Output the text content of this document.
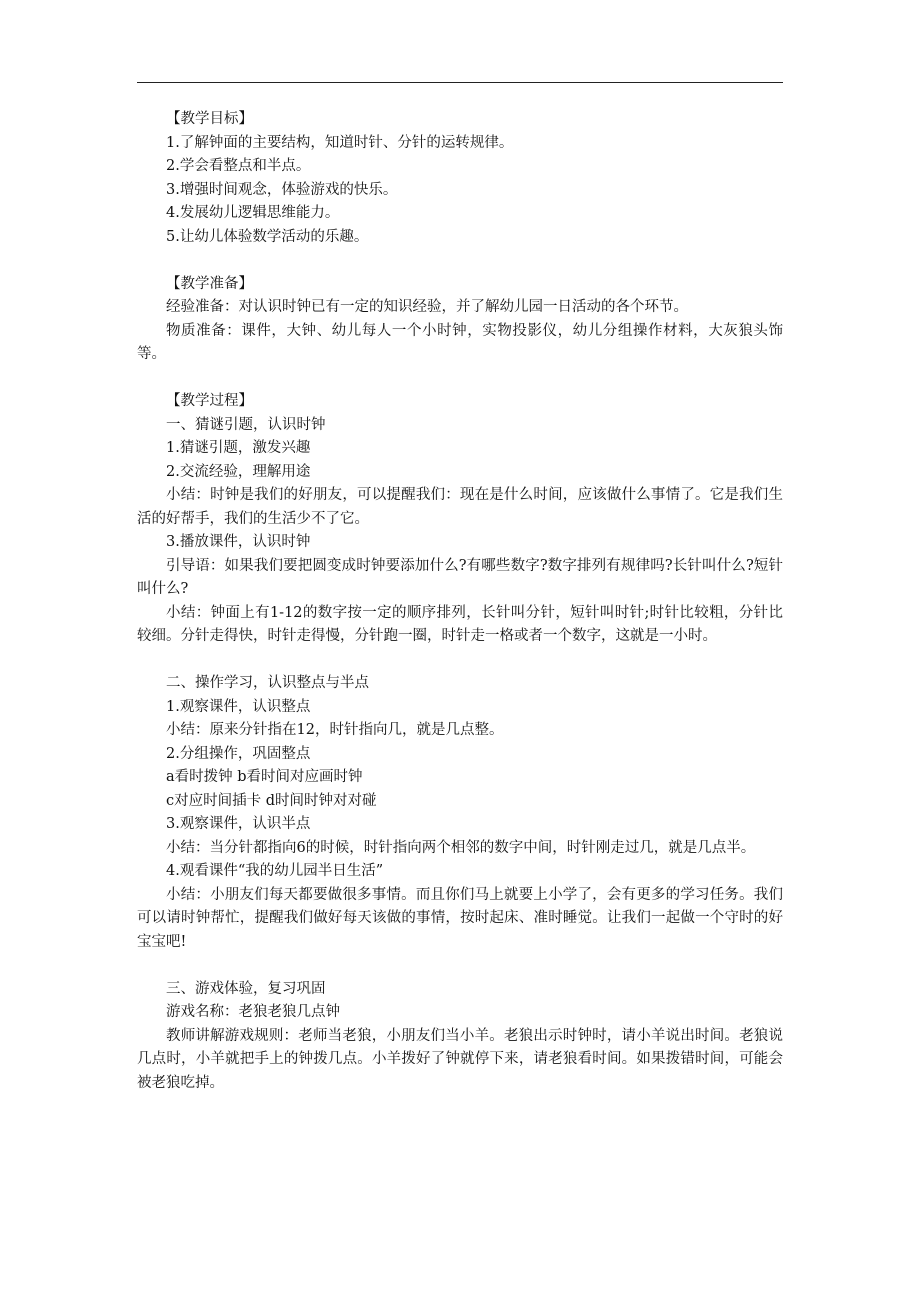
【教学目标】

1.了解钟面的主要结构，知道时针、分针的运转规律。

2.学会看整点和半点。

3.增强时间观念，体验游戏的快乐。

4.发展幼儿逻辑思维能力。

5.让幼儿体验数学活动的乐趣。

【教学准备】

经验准备：对认识时钟已有一定的知识经验，并了解幼儿园一日活动的各个环节。

物质准备：课件，大钟、幼儿每人一个小时钟，实物投影仪，幼儿分组操作材料，大灰狼头饰等。

【教学过程】

一、猜谜引题，认识时钟

1.猜谜引题，激发兴趣

2.交流经验，理解用途

小结：时钟是我们的好朋友，可以提醒我们：现在是什么时间，应该做什么事情了。它是我们生活的好帮手，我们的生活少不了它。

3.播放课件，认识时钟

引导语：如果我们要把圆变成时钟要添加什么?有哪些数字?数字排列有规律吗?长针叫什么?短针叫什么?

小结：钟面上有1-12的数字按一定的顺序排列，长针叫分针，短针叫时针;时针比较粗，分针比较细。分针走得快，时针走得慢，分针跑一圈，时针走一格或者一个数字，这就是一小时。

二、操作学习，认识整点与半点

1.观察课件，认识整点

小结：原来分针指在12，时针指向几，就是几点整。

2.分组操作，巩固整点

a看时拨钟 b看时间对应画时钟

c对应时间插卡 d时间时钟对对碰

3.观察课件，认识半点

小结：当分针都指向6的时候，时针指向两个相邻的数字中间，时针刚走过几，就是几点半。

4.观看课件“我的幼儿园半日生活”

小结：小朋友们每天都要做很多事情。而且你们马上就要上小学了，会有更多的学习任务。我们可以请时钟帮忙，提醒我们做好每天该做的事情，按时起床、准时睡觉。让我们一起做一个守时的好宝宝吧!

三、游戏体验，复习巩固

游戏名称：老狼老狼几点钟

教师讲解游戏规则：老师当老狼，小朋友们当小羊。老狼出示时钟时，请小羊说出时间。老狼说几点时，小羊就把手上的钟拨几点。小羊拨好了钟就停下来，请老狼看时间。如果拨错时间，可能会被老狼吃掉。
